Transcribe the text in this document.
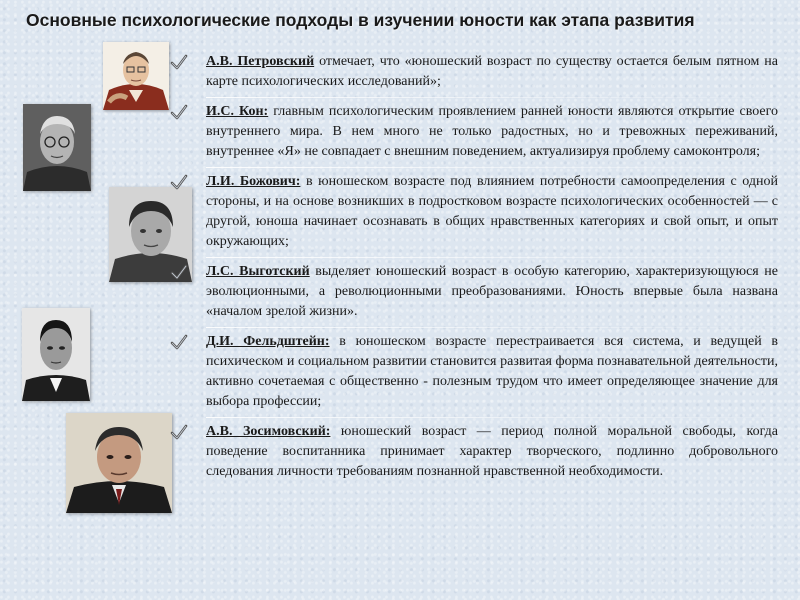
Основные психологические подходы в изучении юности как этапа развития
А.В. Петровский отмечает, что «юношеский возраст по существу остается белым пятном на карте психологических исследований»;
И.С. Кон: главным психологическим проявлением ранней юности являются открытие своего внутреннего мира. В нем много не только радостных, но и тревожных переживаний, внутреннее «Я» не совпадает с внешним поведением, актуализируя проблему самоконтроля;
Л.И. Божович: в юношеском возрасте под влиянием потребности самоопределения с одной стороны, и на основе возникших в подростковом возрасте психологических особенностей — с другой, юноша начинает осознавать в общих нравственных категориях и свой опыт, и опыт окружающих;
Л.С. Выготский выделяет юношеский возраст в особую категорию, характеризующуюся не эволюционными, а революционными преобразованиями. Юность впервые была названа «началом зрелой жизни».
Д.И. Фельдштейн: в юношеском возрасте перестраивается вся система, и ведущей в психическом и социальном развитии становится развитая форма познавательной деятельности, активно сочетаемая с общественно - полезным трудом что имеет определяющее значение для выбора профессии;
А.В. Зосимовский: юношеский возраст — период полной моральной свободы, когда поведение воспитанника принимает характер творческого, подлинно добровольного следования личности требованиям познанной нравственной необходимости.
